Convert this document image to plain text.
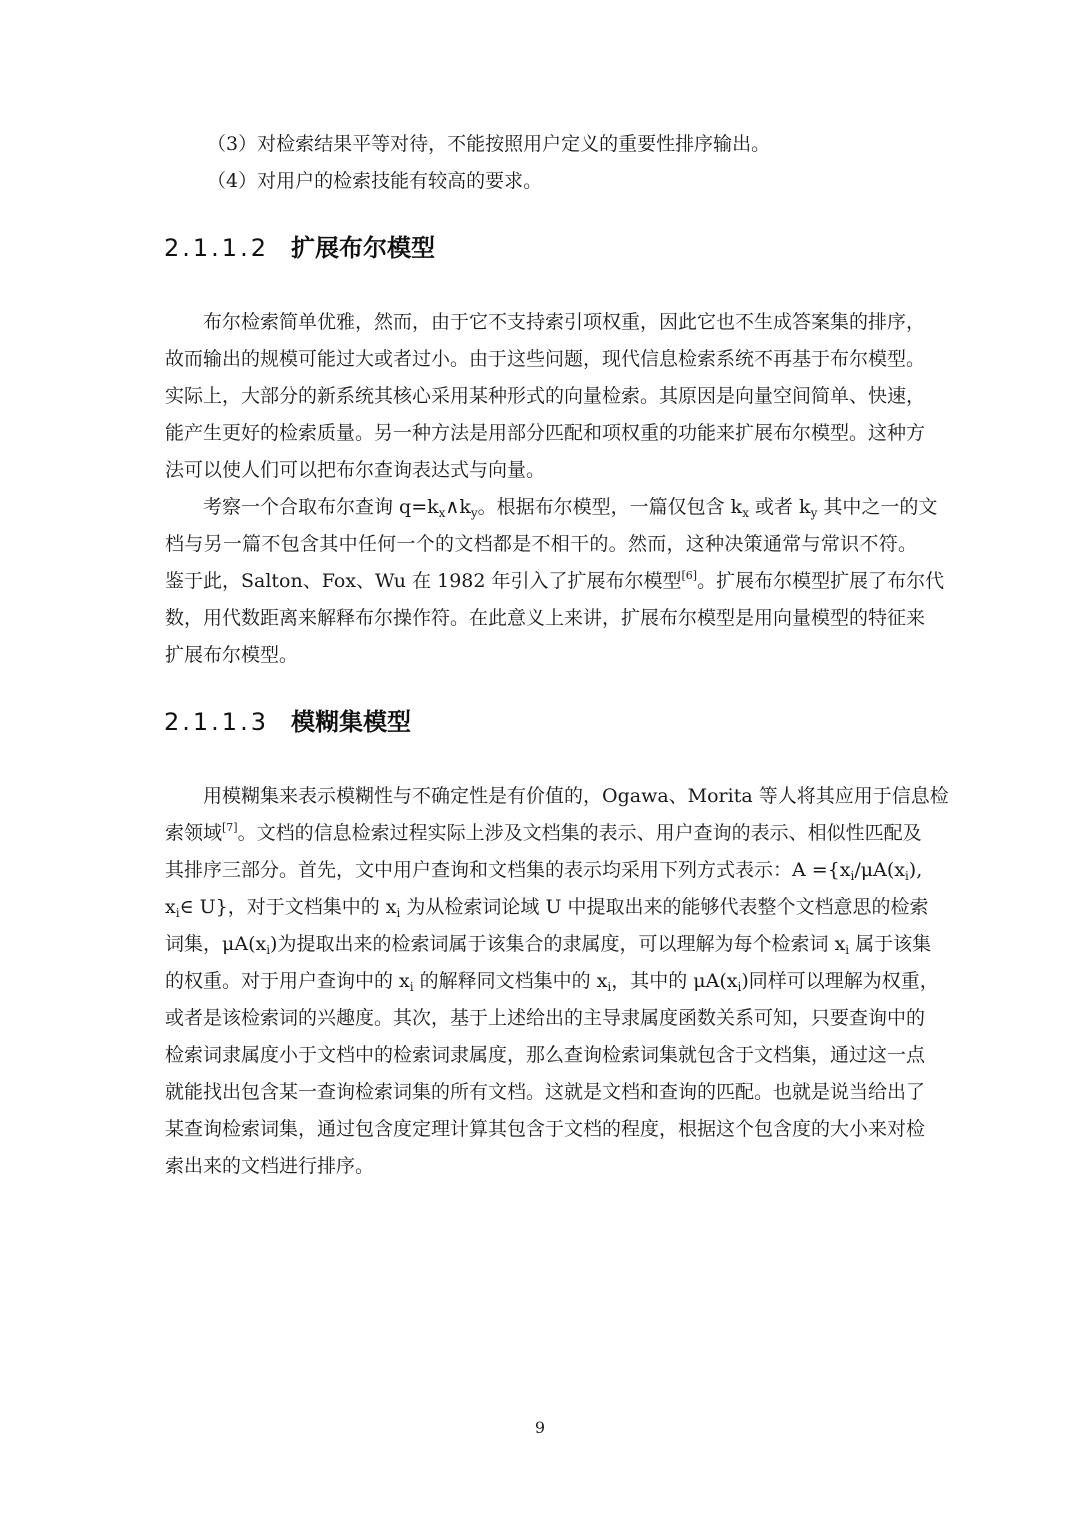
（3）对检索结果平等对待，不能按照用户定义的重要性排序输出。
（4）对用户的检索技能有较高的要求。
2.1.1.2 扩展布尔模型
布尔检索简单优雅，然而，由于它不支持索引项权重，因此它也不生成答案集的排序，
故而输出的规模可能过大或者过小。由于这些问题，现代信息检索系统不再基于布尔模型。
实际上，大部分的新系统其核心采用某种形式的向量检索。其原因是向量空间简单、快速，
能产生更好的检索质量。另一种方法是用部分匹配和项权重的功能来扩展布尔模型。这种方
法可以使人们可以把布尔查询表达式与向量。
考察一个合取布尔查询 $q=k_x\wedge k_y$。根据布尔模型，一篇仅包含 $k_x$ 或者 $k_y$ 其中之一的文
档与另一篇不包含其中任何一个的文档都是不相干的。然而，这种决策通常与常识不符。
鉴于此，Salton、Fox、Wu 在 1982 年引入了扩展布尔模型[6]。扩展布尔模型扩展了布尔代
数，用代数距离来解释布尔操作符。在此意义上来讲，扩展布尔模型是用向量模型的特征来
扩展布尔模型。
2.1.1.3 模糊集模型
用模糊集来表示模糊性与不确定性是有价值的，Ogawa、Morita 等人将其应用于信息检
索领域[7]。文档的信息检索过程实际上涉及文档集的表示、用户查询的表示、相似性匹配及
其排序三部分。首先，文中用户查询和文档集的表示均采用下列方式表示：$A =\{x_i/\mu A(x_i)$,
$x_i\in$ U}，对于文档集中的 $x_i$ 为从检索词论域 U 中提取出来的能够代表整个文档意思的检索
词集，$\mu A(x_i)$为提取出来的检索词属于该集合的隶属度，可以理解为每个检索词 $x_i$ 属于该集
的权重。对于用户查询中的 $x_i$ 的解释同文档集中的 $x_i$，其中的 $\mu A(x_i)$同样可以理解为权重，
或者是该检索词的兴趣度。其次，基于上述给出的主导隶属度函数关系可知，只要查询中的
检索词隶属度小于文档中的检索词隶属度，那么查询检索词集就包含于文档集，通过这一点
就能找出包含某一查询检索词集的所有文档。这就是文档和查询的匹配。也就是说当给出了
某查询检索词集，通过包含度定理计算其包含于文档的程度，根据这个包含度的大小来对检
索出来的文档进行排序。
9
